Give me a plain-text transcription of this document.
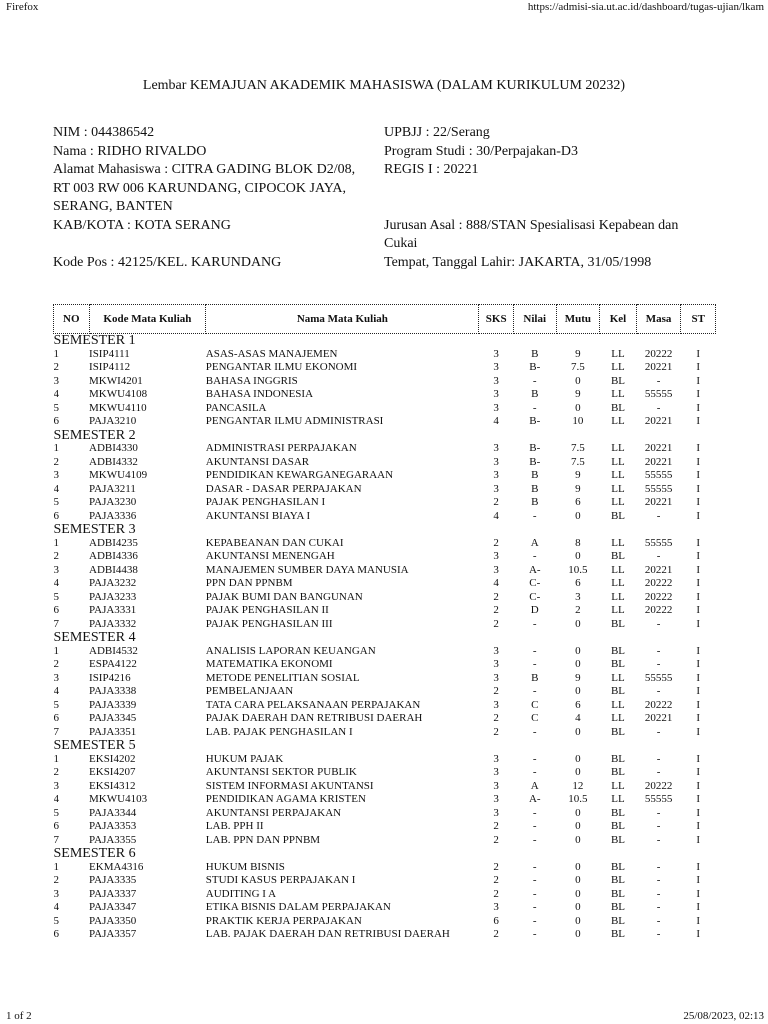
Firefox	https://admisi-sia.ut.ac.id/dashboard/tugas-ujian/lkam
Lembar KEMAJUAN AKADEMIK MAHASISWA (DALAM KURIKULUM 20232)
NIM : 044386542
Nama : RIDHO RIVALDO
Alamat Mahasiswa : CITRA GADING BLOK D2/08,
RT 003 RW 006 KARUNDANG, CIPOCOK JAYA,
SERANG, BANTEN
KAB/KOTA : KOTA SERANG
Kode Pos : 42125/KEL. KARUNDANG
UPBJJ : 22/Serang
Program Studi : 30/Perpajakan-D3
REGIS I : 20221
Jurusan Asal : 888/STAN Spesialisasi Kepabean dan
Cukai
Tempat, Tanggal Lahir: JAKARTA, 31/05/1998
NO	Kode Mata Kuliah	Nama Mata Kuliah	SKS	Nilai	Mutu	Kel	Masa	ST
SEMESTER 1								
1	ISIP4111	ASAS-ASAS MANAJEMEN	3	B	9	LL	20222	I
2	ISIP4112	PENGANTAR ILMU EKONOMI	3	B-	7.5	LL	20221	I
3	MKWI4201	BAHASA INGGRIS	3	-	0	BL	-	I
4	MKWU4108	BAHASA INDONESIA	3	B	9	LL	55555	I
5	MKWU4110	PANCASILA	3	-	0	BL	-	I
6	PAJA3210	PENGANTAR ILMU ADMINISTRASI	4	B-	10	LL	20221	I
SEMESTER 2								
1	ADBI4330	ADMINISTRASI PERPAJAKAN	3	B-	7.5	LL	20221	I
2	ADBI4332	AKUNTANSI DASAR	3	B-	7.5	LL	20221	I
3	MKWU4109	PENDIDIKAN KEWARGANEGARAAN	3	B	9	LL	55555	I
4	PAJA3211	DASAR - DASAR PERPAJAKAN	3	B	9	LL	55555	I
5	PAJA3230	PAJAK PENGHASILAN I	2	B	6	LL	20221	I
6	PAJA3336	AKUNTANSI BIAYA I	4	-	0	BL	-	I
SEMESTER 3								
1	ADBI4235	KEPABEANAN DAN CUKAI	2	A	8	LL	55555	I
2	ADBI4336	AKUNTANSI MENENGAH	3	-	0	BL	-	I
3	ADBI4438	MANAJEMEN SUMBER DAYA MANUSIA	3	A-	10.5	LL	20221	I
4	PAJA3232	PPN DAN PPNBM	4	C-	6	LL	20222	I
5	PAJA3233	PAJAK BUMI DAN BANGUNAN	2	C-	3	LL	20222	I
6	PAJA3331	PAJAK PENGHASILAN II	2	D	2	LL	20222	I
7	PAJA3332	PAJAK PENGHASILAN III	2	-	0	BL	-	I
SEMESTER 4								
1	ADBI4532	ANALISIS LAPORAN KEUANGAN	3	-	0	BL	-	I
2	ESPA4122	MATEMATIKA EKONOMI	3	-	0	BL	-	I
3	ISIP4216	METODE PENELITIAN SOSIAL	3	B	9	LL	55555	I
4	PAJA3338	PEMBELANJAAN	2	-	0	BL	-	I
5	PAJA3339	TATA CARA PELAKSANAAN PERPAJAKAN	3	C	6	LL	20222	I
6	PAJA3345	PAJAK DAERAH DAN RETRIBUSI DAERAH	2	C	4	LL	20221	I
7	PAJA3351	LAB. PAJAK PENGHASILAN I	2	-	0	BL	-	I
SEMESTER 5								
1	EKSI4202	HUKUM PAJAK	3	-	0	BL	-	I
2	EKSI4207	AKUNTANSI SEKTOR PUBLIK	3	-	0	BL	-	I
3	EKSI4312	SISTEM INFORMASI AKUNTANSI	3	A	12	LL	20222	I
4	MKWU4103	PENDIDIKAN AGAMA KRISTEN	3	A-	10.5	LL	55555	I
5	PAJA3344	AKUNTANSI PERPAJAKAN	3	-	0	BL	-	I
6	PAJA3353	LAB. PPH II	2	-	0	BL	-	I
7	PAJA3355	LAB. PPN DAN PPNBM	2	-	0	BL	-	I
SEMESTER 6								
1	EKMA4316	HUKUM BISNIS	2	-	0	BL	-	I
2	PAJA3335	STUDI KASUS PERPAJAKAN I	2	-	0	BL	-	I
3	PAJA3337	AUDITING I A	2	-	0	BL	-	I
4	PAJA3347	ETIKA BISNIS DALAM PERPAJAKAN	3	-	0	BL	-	I
5	PAJA3350	PRAKTIK KERJA PERPAJAKAN	6	-	0	BL	-	I
6	PAJA3357	LAB. PAJAK DAERAH DAN RETRIBUSI DAERAH	2	-	0	BL	-	I
1 of 2	25/08/2023, 02:13
